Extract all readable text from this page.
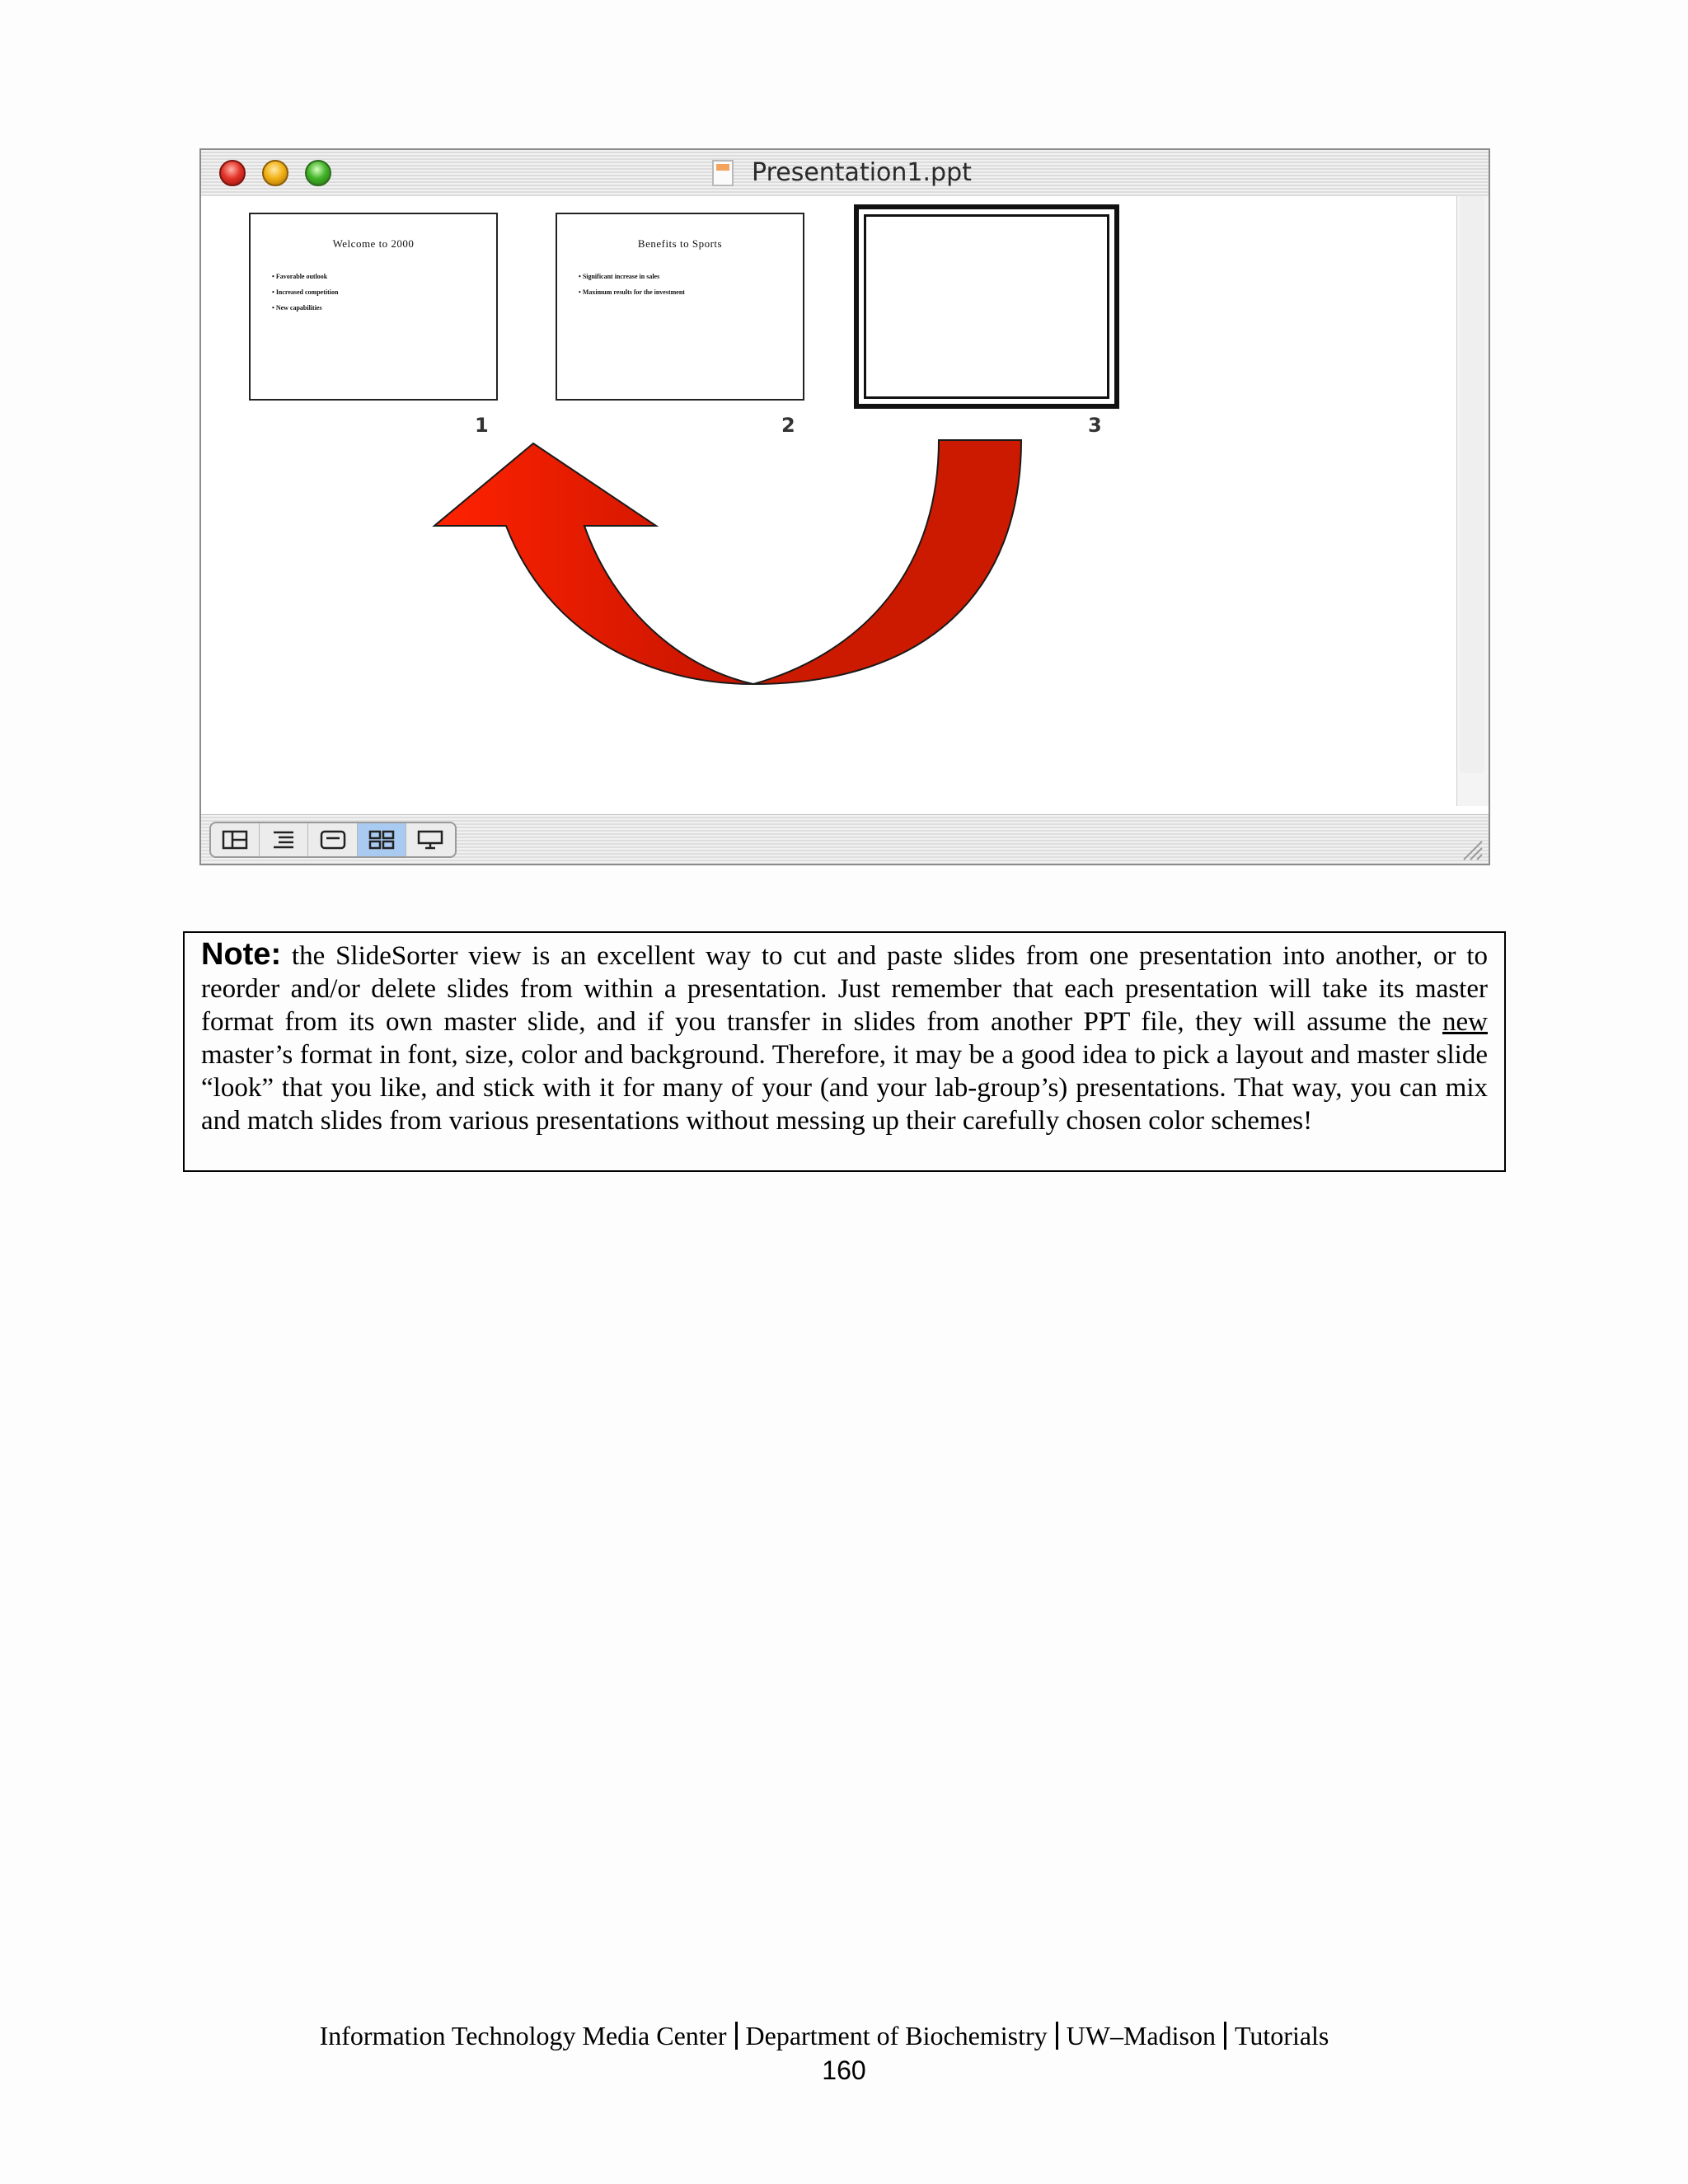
Presentation1.ppt
Welcome to 2000
• Favorable outlook
• Increased competition
• New capabilities
1
Benefits to Sports
• Significant increase in sales
• Maximum results for the investment
2	3
Note: the SlideSorter view is an excellent way to cut and paste slides from one presentation into another, or to reorder and/or delete slides from within a presentation. Just remember that each presentation will take its master format from its own master slide, and if you transfer in slides from another PPT file, they will assume the new master’s format in font, size, color and background. Therefore, it may be a good idea to pick a layout and master slide “look” that you like, and stick with it for many of your (and your lab-group’s) presentations. That way, you can mix and match slides from various presentations without messing up their carefully chosen color schemes!
Information Technology Media Center Department of Biochemistry UW–Madison Tutorials
160
